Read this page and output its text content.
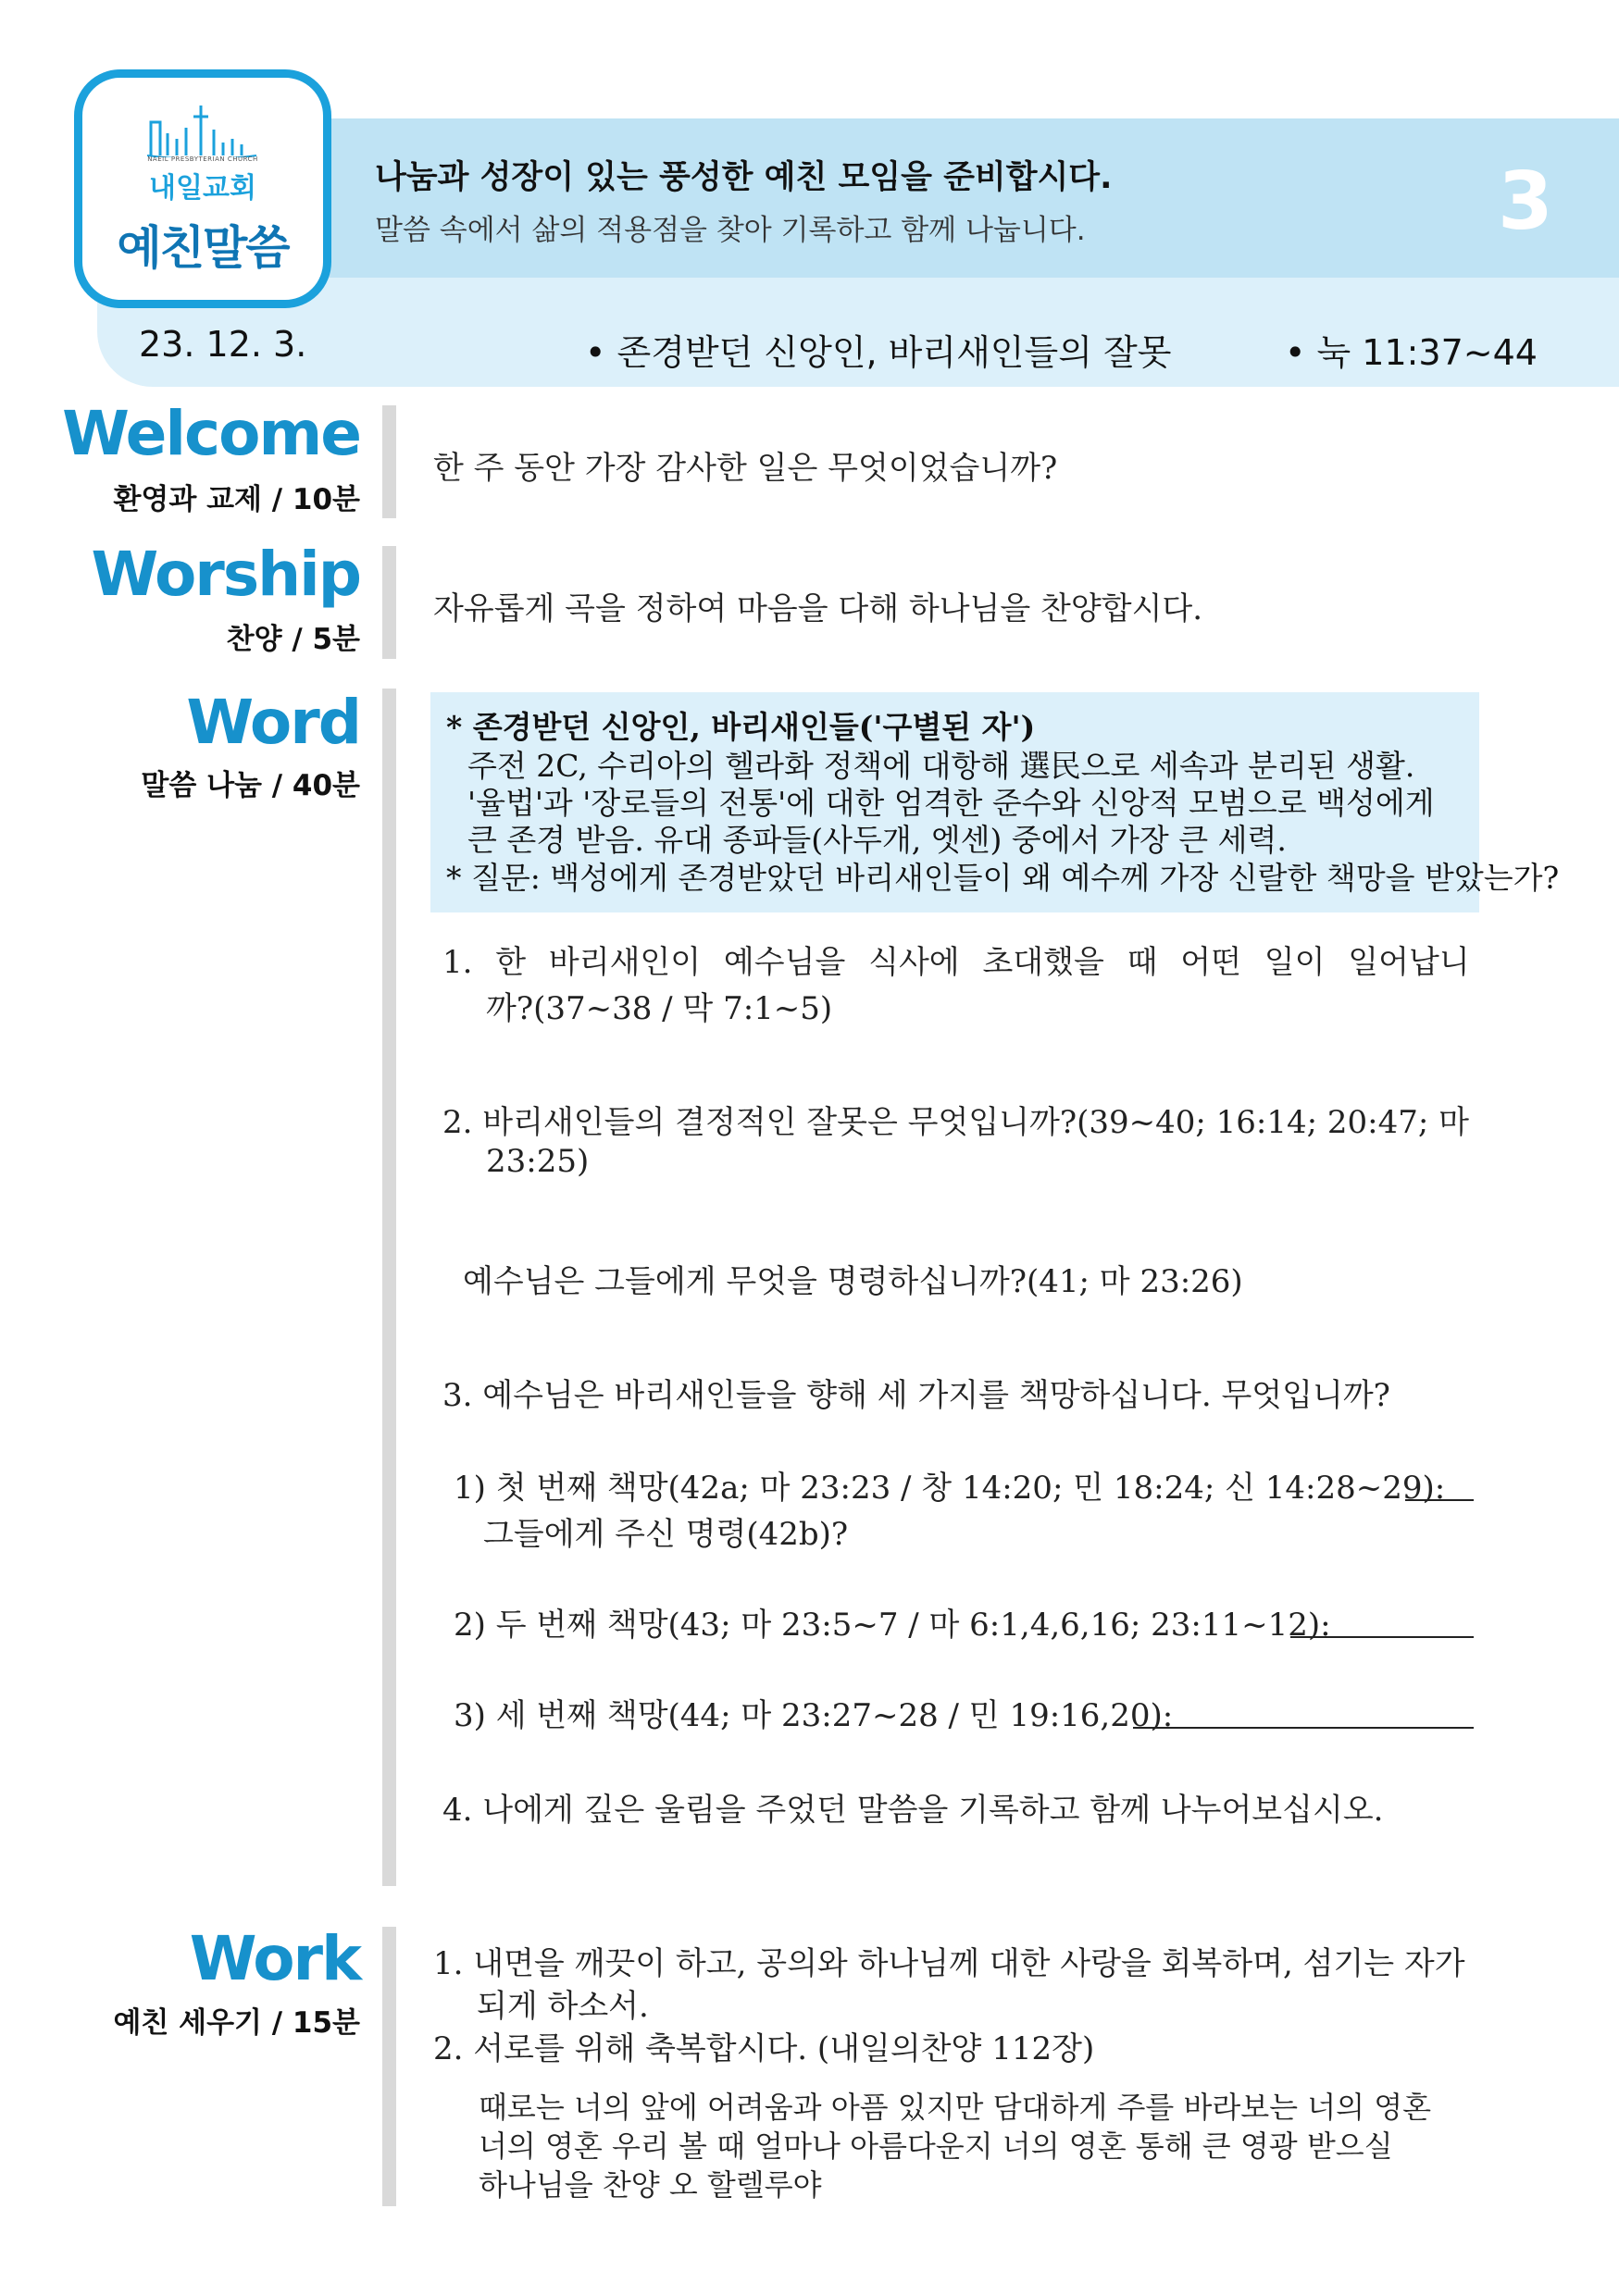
NAEIL PRESBYTERIAN CHURCH
내일교회
예친말씀
나눔과 성장이 있는 풍성한 예친 모임을 준비합시다.
말씀 속에서 삶의 적용점을 찾아 기록하고 함께 나눕니다.	3
23. 12. 3.	• 존경받던 신앙인, 바리새인들의 잘못	• 눅 11:37~44
Welcome
환영과 교제 / 10분
한 주 동안 가장 감사한 일은 무엇이었습니까?
Worship
찬양 / 5분
자유롭게 곡을 정하여 마음을 다해 하나님을 찬양합시다.
Word
말씀 나눔 / 40분
* 존경받던 신앙인, 바리새인들('구별된 자')
주전 2C, 수리아의 헬라화 정책에 대항해 選民으로 세속과 분리된 생활.
'율법'과 '장로들의 전통'에 대한 엄격한 준수와 신앙적 모범으로 백성에게
큰 존경 받음. 유대 종파들(사두개, 엣센) 중에서 가장 큰 세력.
* 질문: 백성에게 존경받았던 바리새인들이 왜 예수께 가장 신랄한 책망을 받았는가?
1. 한 바리새인이 예수님을 식사에 초대했을 때 어떤 일이 일어납니
까?(37~38 / 막 7:1~5)
2. 바리새인들의 결정적인 잘못은 무엇입니까?(39~40; 16:14; 20:47; 마
23:25)
예수님은 그들에게 무엇을 명령하십니까?(41; 마 23:26)
3. 예수님은 바리새인들을 향해 세 가지를 책망하십니다. 무엇입니까?
1) 첫 번째 책망(42a; 마 23:23 / 창 14:20; 민 18:24; 신 14:28~29):
그들에게 주신 명령(42b)?
2) 두 번째 책망(43; 마 23:5~7 / 마 6:1,4,6,16; 23:11~12):
3) 세 번째 책망(44; 마 23:27~28 / 민 19:16,20):
4. 나에게 깊은 울림을 주었던 말씀을 기록하고 함께 나누어보십시오.
Work
예친 세우기 / 15분
1. 내면을 깨끗이 하고, 공의와 하나님께 대한 사랑을 회복하며, 섬기는 자가
되게 하소서.
2. 서로를 위해 축복합시다. (내일의찬양 112장)
때로는 너의 앞에 어려움과 아픔 있지만 담대하게 주를 바라보는 너의 영혼
너의 영혼 우리 볼 때 얼마나 아름다운지 너의 영혼 통해 큰 영광 받으실
하나님을 찬양 오 할렐루야
